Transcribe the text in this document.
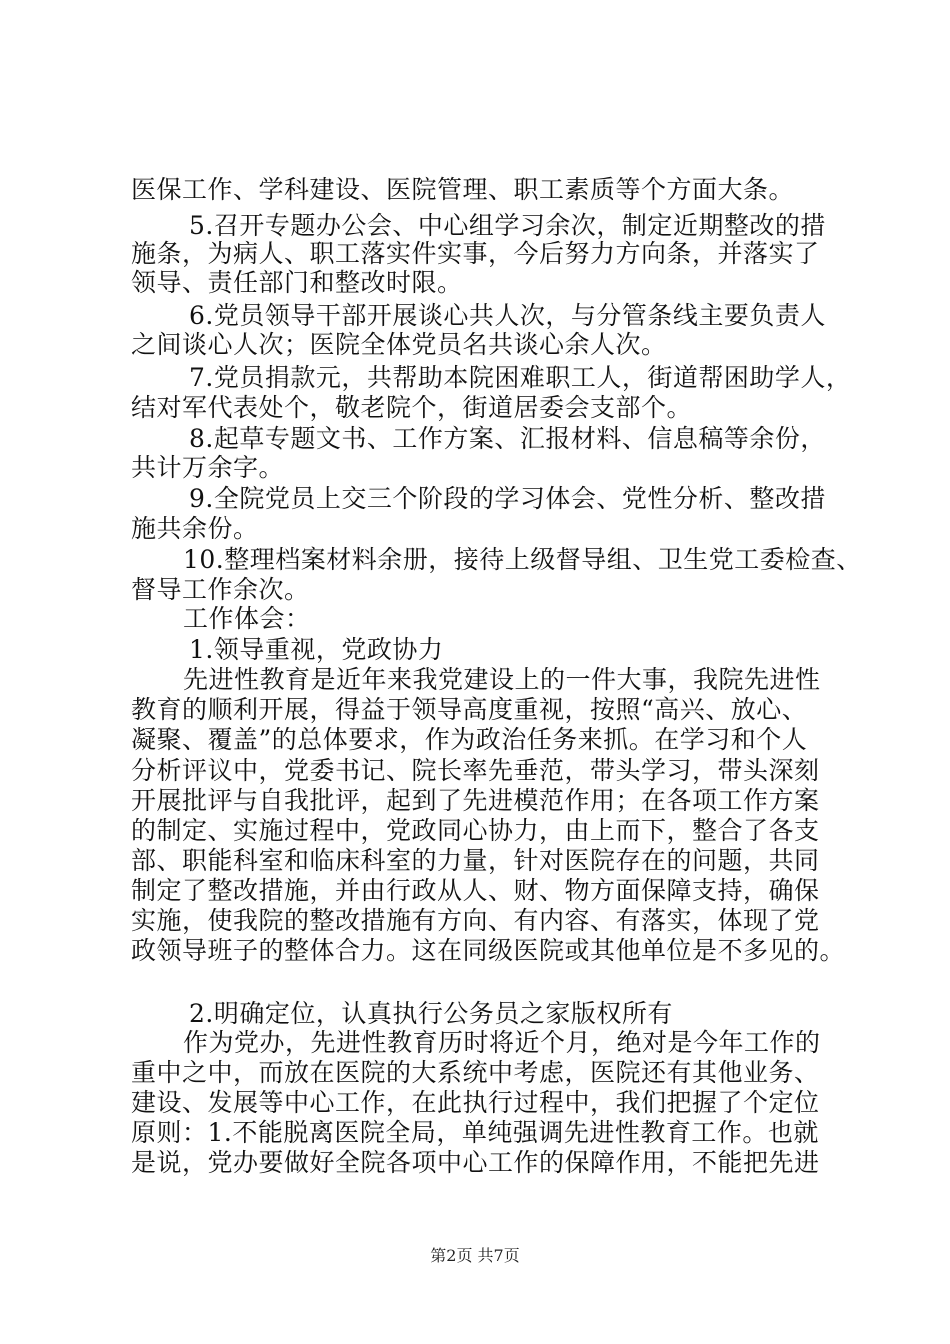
医保工作、学科建设、医院管理、职工素质等个方面大条。
5.召开专题办公会、中心组学习余次，制定近期整改的措
施条，为病人、职工落实件实事，今后努力方向条，并落实了
领导、责任部门和整改时限。
6.党员领导干部开展谈心共人次，与分管条线主要负责人
之间谈心人次；医院全体党员名共谈心余人次。
7.党员捐款元，共帮助本院困难职工人，街道帮困助学人，
结对军代表处个，敬老院个，街道居委会支部个。
8.起草专题文书、工作方案、汇报材料、信息稿等余份，
共计万余字。
9.全院党员上交三个阶段的学习体会、党性分析、整改措
施共余份。
10.整理档案材料余册，接待上级督导组、卫生党工委检查、
督导工作余次。
工作体会：
1.领导重视，党政协力
先进性教育是近年来我党建设上的一件大事，我院先进性
教育的顺利开展，得益于领导高度重视，按照“高兴、放心、
凝聚、覆盖”的总体要求，作为政治任务来抓。在学习和个人
分析评议中，党委书记、院长率先垂范，带头学习，带头深刻
开展批评与自我批评，起到了先进模范作用；在各项工作方案
的制定、实施过程中，党政同心协力，由上而下，整合了各支
部、职能科室和临床科室的力量，针对医院存在的问题，共同
制定了整改措施，并由行政从人、财、物方面保障支持，确保
实施，使我院的整改措施有方向、有内容、有落实，体现了党
政领导班子的整体合力。这在同级医院或其他单位是不多见的。
2.明确定位，认真执行公务员之家版权所有
作为党办，先进性教育历时将近个月，绝对是今年工作的
重中之中，而放在医院的大系统中考虑，医院还有其他业务、
建设、发展等中心工作，在此执行过程中，我们把握了个定位
原则：1.不能脱离医院全局，单纯强调先进性教育工作。也就
是说，党办要做好全院各项中心工作的保障作用，不能把先进
第2页 共7页
